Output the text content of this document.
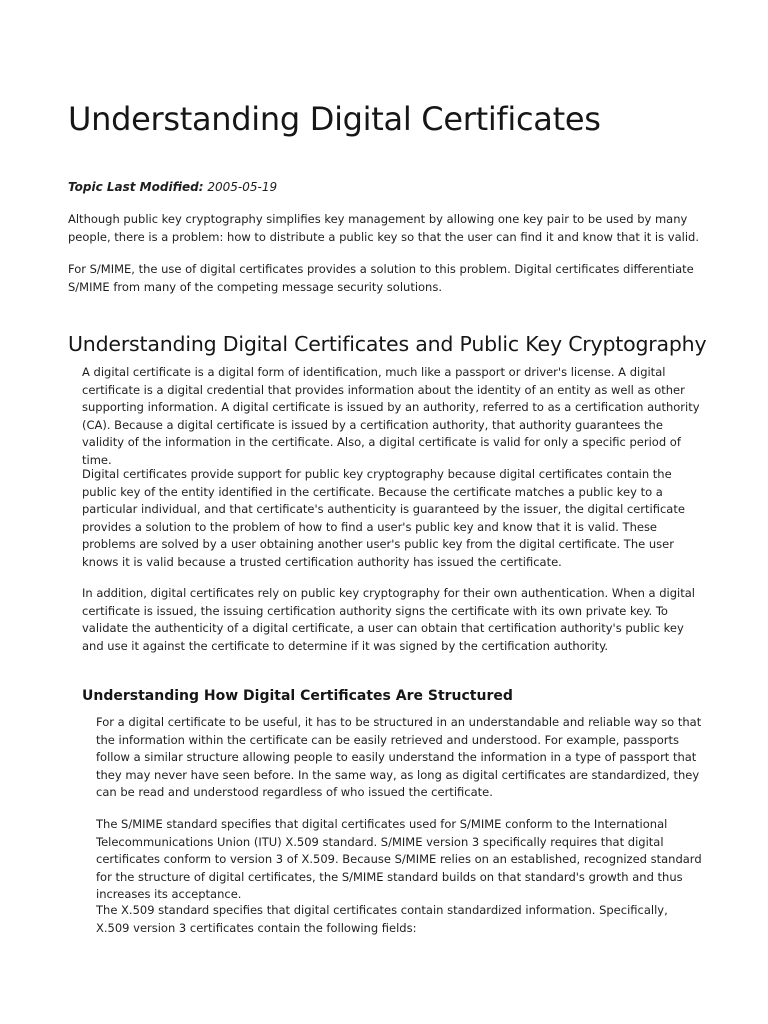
Understanding Digital Certificates
Topic Last Modified: 2005-05-19

Although public key cryptography simplifies key management by allowing one key pair to be used by many people, there is a problem: how to distribute a public key so that the user can find it and know that it is valid.

For S/MIME, the use of digital certificates provides a solution to this problem. Digital certificates differentiate S/MIME from many of the competing message security solutions.

Understanding Digital Certificates and Public Key Cryptography

A digital certificate is a digital form of identification, much like a passport or driver's license. A digital certificate is a digital credential that provides information about the identity of an entity as well as other supporting information. A digital certificate is issued by an authority, referred to as a certification authority (CA). Because a digital certificate is issued by a certification authority, that authority guarantees the validity of the information in the certificate. Also, a digital certificate is valid for only a specific period of time.

Digital certificates provide support for public key cryptography because digital certificates contain the public key of the entity identified in the certificate. Because the certificate matches a public key to a particular individual, and that certificate's authenticity is guaranteed by the issuer, the digital certificate provides a solution to the problem of how to find a user's public key and know that it is valid. These problems are solved by a user obtaining another user's public key from the digital certificate. The user knows it is valid because a trusted certification authority has issued the certificate.

In addition, digital certificates rely on public key cryptography for their own authentication. When a digital certificate is issued, the issuing certification authority signs the certificate with its own private key. To validate the authenticity of a digital certificate, a user can obtain that certification authority's public key and use it against the certificate to determine if it was signed by the certification authority.

Understanding How Digital Certificates Are Structured

For a digital certificate to be useful, it has to be structured in an understandable and reliable way so that the information within the certificate can be easily retrieved and understood. For example, passports follow a similar structure allowing people to easily understand the information in a type of passport that they may never have seen before. In the same way, as long as digital certificates are standardized, they can be read and understood regardless of who issued the certificate.

The S/MIME standard specifies that digital certificates used for S/MIME conform to the International Telecommunications Union (ITU) X.509 standard. S/MIME version 3 specifically requires that digital certificates conform to version 3 of X.509. Because S/MIME relies on an established, recognized standard for the structure of digital certificates, the S/MIME standard builds on that standard's growth and thus increases its acceptance.

The X.509 standard specifies that digital certificates contain standardized information. Specifically, X.509 version 3 certificates contain the following fields:
